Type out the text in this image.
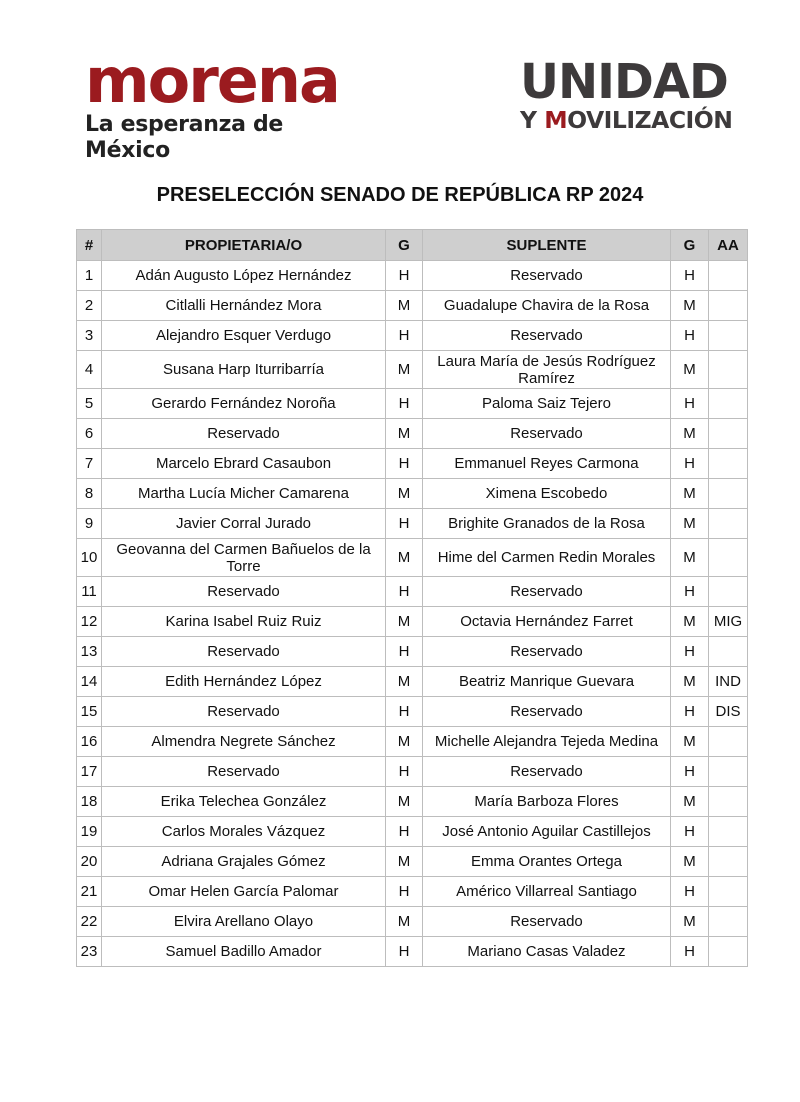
morena
La esperanza de México
UNIDAD
Y MOVILIZACIÓN
PRESELECCIÓN SENADO DE REPÚBLICA RP 2024
#	PROPIETARIA/O	G	SUPLENTE	G	AA
1	Adán Augusto López Hernández	H	Reservado	H	
2	Citlalli Hernández Mora	M	Guadalupe Chavira de la Rosa	M	
3	Alejandro Esquer Verdugo	H	Reservado	H	
4	Susana Harp Iturribarría	M	Laura María de Jesús Rodríguez Ramírez	M	
5	Gerardo Fernández Noroña	H	Paloma Saiz Tejero	H	
6	Reservado	M	Reservado	M	
7	Marcelo Ebrard Casaubon	H	Emmanuel Reyes Carmona	H	
8	Martha Lucía Micher Camarena	M	Ximena Escobedo	M	
9	Javier Corral Jurado	H	Brighite Granados de la Rosa	M	
10	Geovanna del Carmen Bañuelos de la Torre	M	Hime del Carmen Redin Morales	M	
11	Reservado	H	Reservado	H	
12	Karina Isabel Ruiz Ruiz	M	Octavia Hernández Farret	M	MIG
13	Reservado	H	Reservado	H	
14	Edith Hernández López	M	Beatriz Manrique Guevara	M	IND
15	Reservado	H	Reservado	H	DIS
16	Almendra Negrete Sánchez	M	Michelle Alejandra Tejeda Medina	M	
17	Reservado	H	Reservado	H	
18	Erika Telechea González	M	María Barboza Flores	M	
19	Carlos Morales Vázquez	H	José Antonio Aguilar Castillejos	H	
20	Adriana Grajales Gómez	M	Emma Orantes Ortega	M	
21	Omar Helen García Palomar	H	Américo Villarreal Santiago	H	
22	Elvira Arellano Olayo	M	Reservado	M	
23	Samuel Badillo Amador	H	Mariano Casas Valadez	H	
